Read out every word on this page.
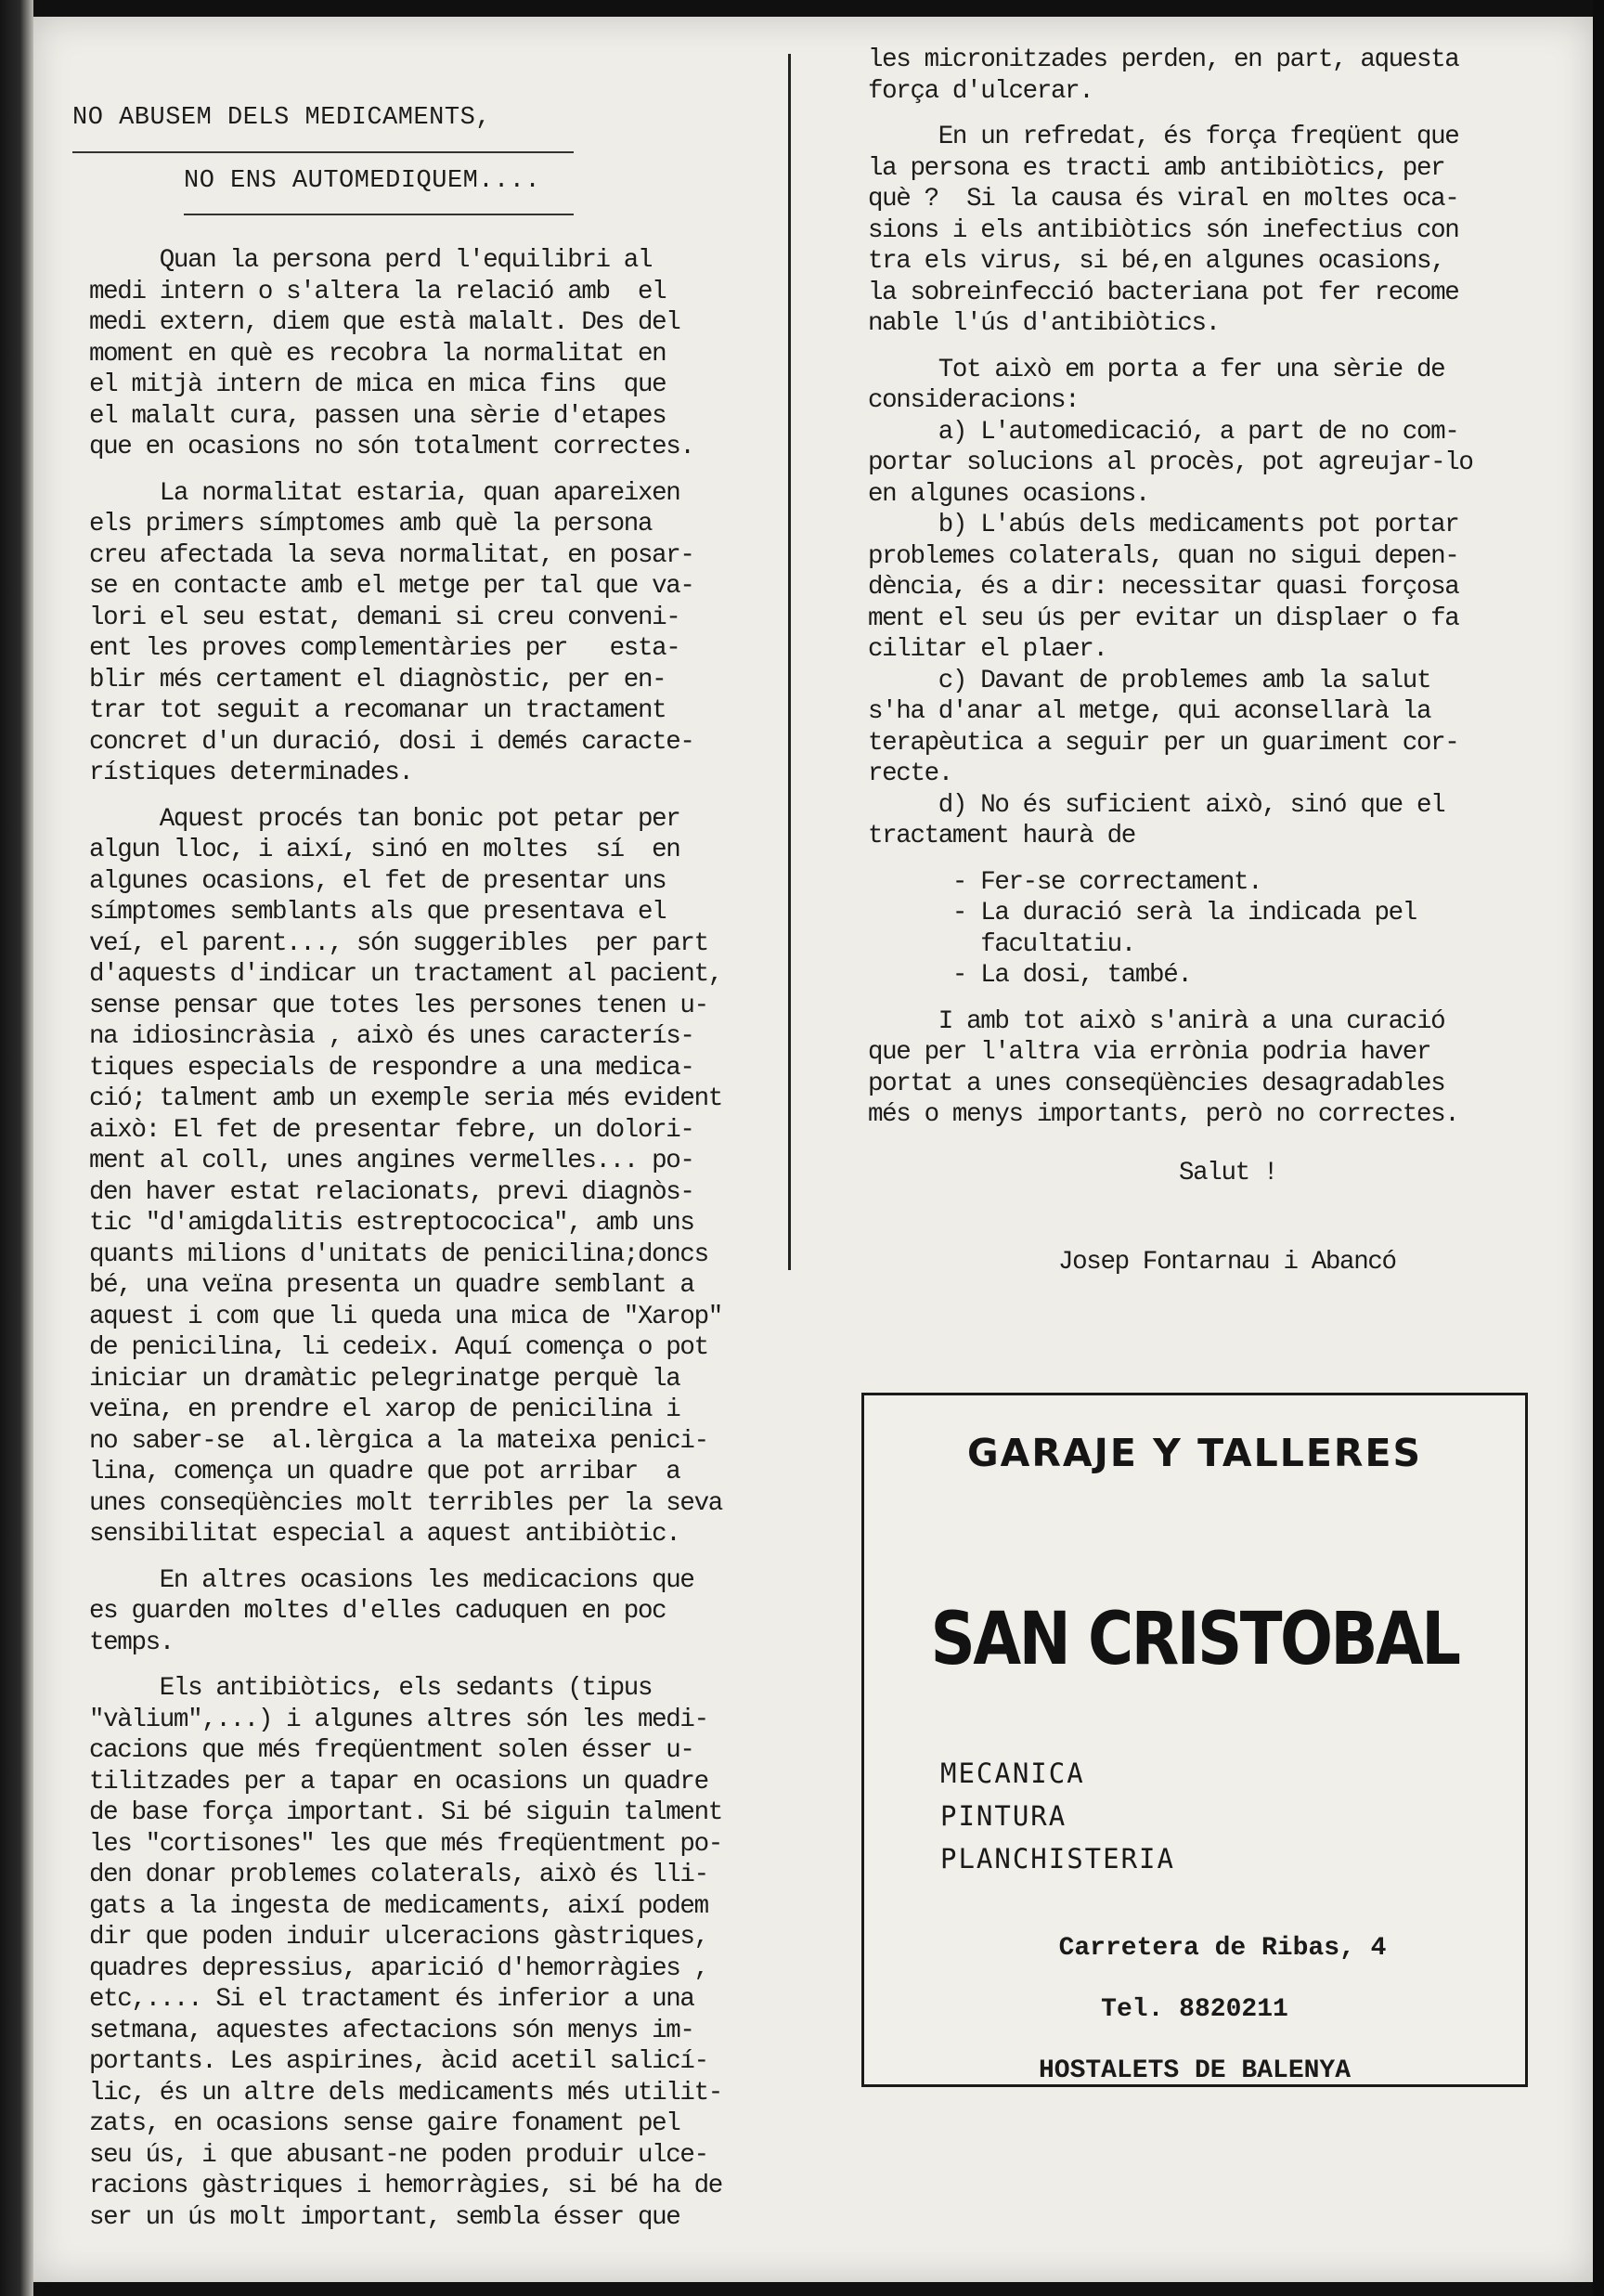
NO ABUSEM DELS MEDICAMENTS,
NO ENS AUTOMEDIQUEM....

Quan la persona perd l'equilibri al

medi intern o s'altera la relació amb  el

medi extern, diem que està malalt. Des del

moment en què es recobra la normalitat en

el mitjà intern de mica en mica fins  que

el malalt cura, passen una sèrie d'etapes

que en ocasions no són totalment correctes.

La normalitat estaria, quan apareixen

els primers símptomes amb què la persona

creu afectada la seva normalitat, en posar-

se en contacte amb el metge per tal que va-

lori el seu estat, demani si creu conveni-

ent les proves complementàries per   esta-

blir més certament el diagnòstic, per en-

trar tot seguit a recomanar un tractament

concret d'un duració, dosi i demés caracte-

rístiques determinades.

Aquest procés tan bonic pot petar per

algun lloc, i així, sinó en moltes  sí  en

algunes ocasions, el fet de presentar uns

símptomes semblants als que presentava el

veí, el parent..., són suggeribles  per part

d'aquests d'indicar un tractament al pacient,

sense pensar que totes les persones tenen u-

na idiosincràsia , això és unes caracterís-

tiques especials de respondre a una medica-

ció; talment amb un exemple seria més evident

això: El fet de presentar febre, un dolori-

ment al coll, unes angines vermelles... po-

den haver estat relacionats, previ diagnòs-

tic "d'amigdalitis estreptococica", amb uns

quants milions d'unitats de penicilina;doncs

bé, una veïna presenta un quadre semblant a

aquest i com que li queda una mica de "Xarop"

de penicilina, li cedeix. Aquí comença o pot

iniciar un dramàtic pelegrinatge perquè la

veïna, en prendre el xarop de penicilina i

no saber-se  al.lèrgica a la mateixa penici-

lina, comença un quadre que pot arribar  a

unes conseqüències molt terribles per la seva

sensibilitat especial a aquest antibiòtic.

En altres ocasions les medicacions que

es guarden moltes d'elles caduquen en poc

temps.

Els antibiòtics, els sedants (tipus

"vàlium",...) i algunes altres són les medi-

cacions que més freqüentment solen ésser u-

tilitzades per a tapar en ocasions un quadre

de base força important. Si bé siguin talment

les "cortisones" les que més freqüentment po-

den donar problemes colaterals, això és lli-

gats a la ingesta de medicaments, així podem

dir que poden induir ulceracions gàstriques,

quadres depressius, aparició d'hemorràgies ,

etc,.... Si el tractament és inferior a una

setmana, aquestes afectacions són menys im-

portants. Les aspirines, àcid acetil salicí-

lic, és un altre dels medicaments més utilit-

zats, en ocasions sense gaire fonament pel

seu ús, i que abusant-ne poden produir ulce-

racions gàstriques i hemorràgies, si bé ha de

ser un ús molt important, sembla ésser que

les micronitzades perden, en part, aquesta

força d'ulcerar.

En un refredat, és força freqüent que

la persona es tracti amb antibiòtics, per

què ?  Si la causa és viral en moltes oca-

sions i els antibiòtics són inefectius con

tra els virus, si bé,en algunes ocasions,

la sobreinfecció bacteriana pot fer recome

nable l'ús d'antibiòtics.

Tot això em porta a fer una sèrie de

consideracions:

a) L'automedicació, a part de no com-

portar solucions al procès, pot agreujar-lo

en algunes ocasions.

b) L'abús dels medicaments pot portar

problemes colaterals, quan no sigui depen-

dència, és a dir: necessitar quasi forçosa

ment el seu ús per evitar un displaer o fa

cilitar el plaer.

c) Davant de problemes amb la salut

s'ha d'anar al metge, qui aconsellarà la

terapèutica a seguir per un guariment cor-

recte.

d) No és suficient això, sinó que el

tractament haurà de

- Fer-se correctament.

- La duració serà la indicada pel

facultatiu.

- La dosi, també.

I amb tot això s'anirà a una curació

que per l'altra via errònia podria haver

portat a unes conseqüències desagradables

més o menys importants, però no correctes.

Salut !
Josep Fontarnau i Abancó
GARAJE Y TALLERES
SAN CRISTOBAL
MECANICA
PINTURA
PLANCHISTERIA
Carretera de Ribas, 4
Tel. 8820211
HOSTALETS DE BALENYA
